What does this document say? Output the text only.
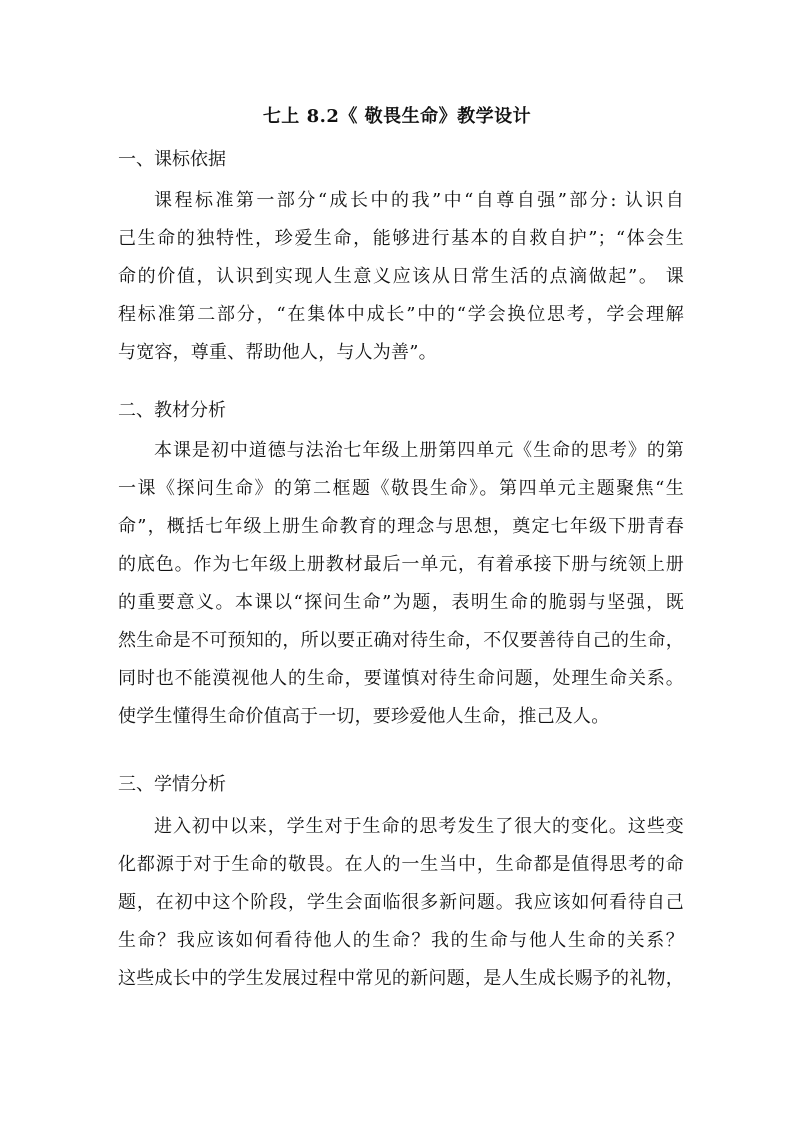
七上 8.2《 敬畏生命》教学设计
一、课标依据
课程标准第一部分“成长中的我”中“自尊自强”部分: 认识自
己生命的独特性，珍爱生命，能够进行基本的自救自护”；“体会生
命的价值，认识到实现人生意义应该从日常生活的点滴做起”。 课
程标准第二部分，“在集体中成长”中的“学会换位思考，学会理解
与宽容，尊重、帮助他人，与人为善”。
二、教材分析
本课是初中道德与法治七年级上册第四单元《生命的思考》的第
一课《探问生命》的第二框题《敬畏生命》。第四单元主题聚焦“生
命”，概括七年级上册生命教育的理念与思想，奠定七年级下册青春
的底色。作为七年级上册教材最后一单元，有着承接下册与统领上册
的重要意义。本课以“探问生命”为题，表明生命的脆弱与坚强，既
然生命是不可预知的，所以要正确对待生命，不仅要善待自己的生命，
同时也不能漠视他人的生命，要谨慎对待生命问题，处理生命关系。
使学生懂得生命价值高于一切，要珍爱他人生命，推己及人。
三、学情分析
进入初中以来，学生对于生命的思考发生了很大的变化。这些变
化都源于对于生命的敬畏。在人的一生当中，生命都是值得思考的命
题，在初中这个阶段，学生会面临很多新问题。我应该如何看待自己
生命？我应该如何看待他人的生命？我的生命与他人生命的关系？
这些成长中的学生发展过程中常见的新问题，是人生成长赐予的礼物，
